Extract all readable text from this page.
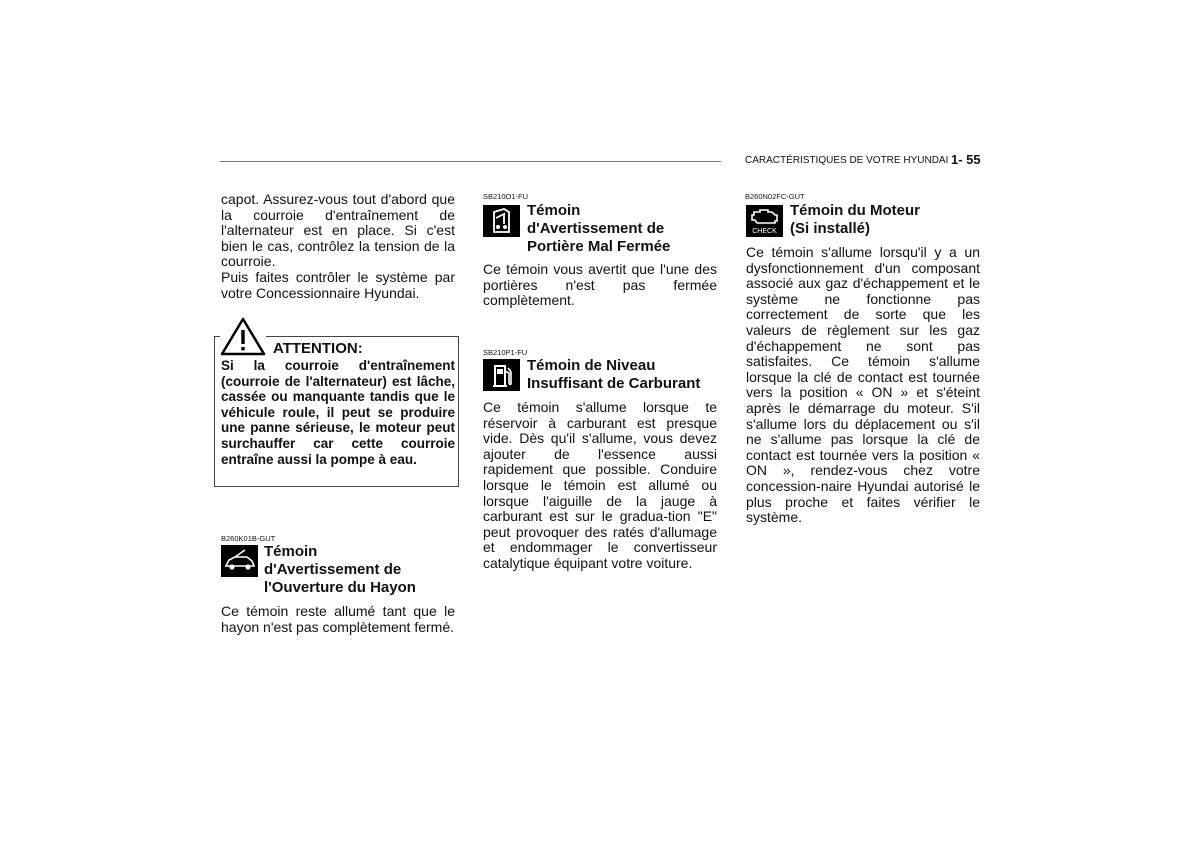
CARACTÉRISTIQUES DE VOTRE HYUNDAI 1- 55

capot. Assurez-vous tout d'abord que la courroie d'entraînement de l'alternateur est en place. Si c'est bien le cas, contrôlez la tension de la courroie.

Puis faites contrôler le système par votre Concessionnaire Hyundai.

ATTENTION:

Si la courroie d'entraînement (courroie de l'alternateur) est lâche, cassée ou manquante tandis que le véhicule roule, il peut se produire une panne sérieuse, le moteur peut surchauffer car cette courroie entraîne aussi la pompe à eau.

B260K01B-GUT
Témoin
d'Avertissement de
l'Ouverture du Hayon

Ce témoin reste allumé tant que le hayon n'est pas complètement fermé.

SB210O1-FU
Témoin
d'Avertissement de
Portière Mal Fermée

Ce témoin vous avertit que l'une des portières n'est pas fermée complètement.

SB210P1-FU
Témoin de Niveau
Insuffisant de Carburant

Ce témoin s'allume lorsque te réservoir à carburant est presque vide. Dès qu'il s'allume, vous devez ajouter de l'essence aussi rapidement que possible. Conduire lorsque le témoin est allumé ou lorsque l'aiguille de la jauge à carburant est sur le gradua-tion "E" peut provoquer des ratés d'allumage et endommager le convertisseur catalytique équipant votre voiture.

B260N02FC-GUT
CHECK
Témoin du Moteur
(Si installé)

Ce témoin s'allume lorsqu'il y a un dysfonctionnement d'un composant associé aux gaz d'échappement et le système ne fonctionne pas correctement de sorte que les valeurs de règlement sur les gaz d'échappement ne sont pas satisfaites. Ce témoin s'allume lorsque la clé de contact est tournée vers la position « ON » et s'éteint après le démarrage du moteur. S'il s'allume lors du déplacement ou s'il ne s'allume pas lorsque la clé de contact est tournée vers la position « ON », rendez-vous chez votre concession-naire Hyundai autorisé le plus proche et faites vérifier le système.
